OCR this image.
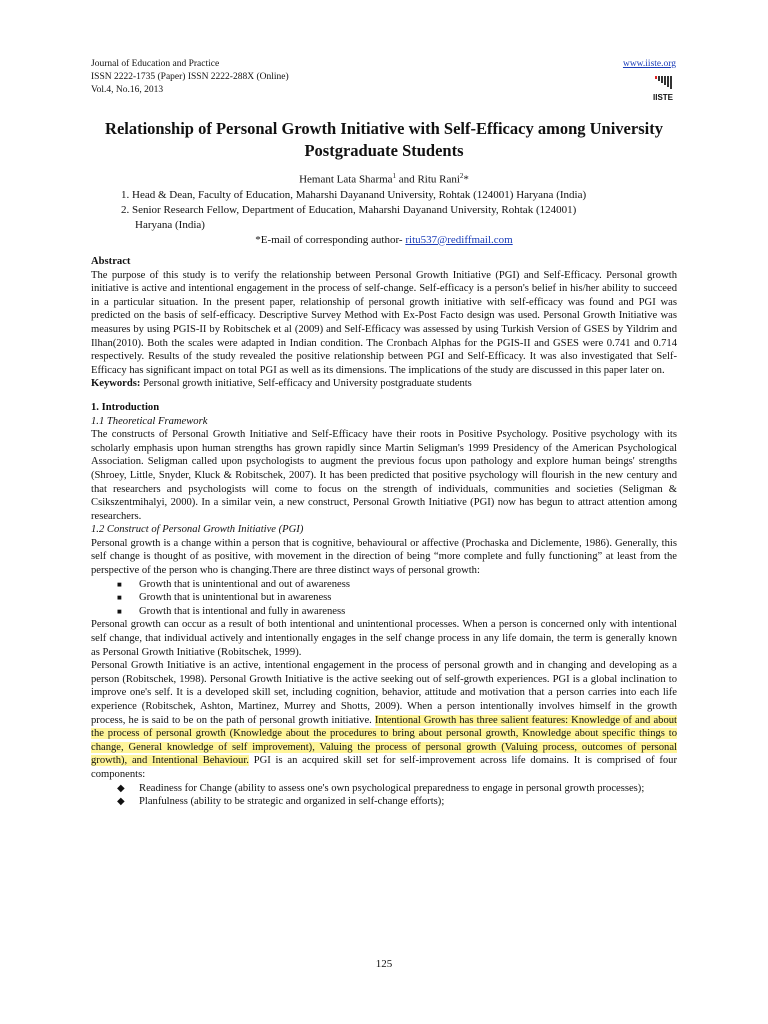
Journal of Education and Practice
ISSN 2222-1735 (Paper) ISSN 2222-288X (Online)
Vol.4, No.16, 2013
www.iiste.org
IISTE
Relationship of Personal Growth Initiative with Self-Efficacy among University Postgraduate Students
Hemant Lata Sharma$^1$ and Ritu Rani$^2$*
1. Head & Dean, Faculty of Education, Maharshi Dayanand University, Rohtak (124001) Haryana (India)
2. Senior Research Fellow, Department of Education, Maharshi Dayanand University, Rohtak (124001)
Haryana (India)
*E-mail of corresponding author- ritu537@rediffmail.com

Abstract

The purpose of this study is to verify the relationship between Personal Growth Initiative (PGI) and Self-Efficacy. Personal growth initiative is active and intentional engagement in the process of self-change. Self-efficacy is a person's belief in his/her ability to succeed in a particular situation. In the present paper, relationship of personal growth initiative with self-efficacy was found and PGI was predicted on the basis of self-efficacy. Descriptive Survey Method with Ex-Post Facto design was used. Personal Growth Initiative was measures by using PGIS-II by Robitschek et al (2009) and Self-Efficacy was assessed by using Turkish Version of GSES by Yildrim and Ilhan(2010). Both the scales were adapted in Indian condition. The Cronbach Alphas for the PGIS-II and GSES were 0.741 and 0.714 respectively. Results of the study revealed the positive relationship between PGI and Self-Efficacy. It was also investigated that Self-Efficacy has significant impact on total PGI as well as its dimensions. The implications of the study are discussed in this paper later on.

Keywords: Personal growth initiative, Self-efficacy and University postgraduate students

1. Introduction

1.1 Theoretical Framework

The constructs of Personal Growth Initiative and Self-Efficacy have their roots in Positive Psychology. Positive psychology with its scholarly emphasis upon human strengths has grown rapidly since Martin Seligman's 1999 Presidency of the American Psychological Association. Seligman called upon psychologists to augment the previous focus upon pathology and explore human beings' strengths (Shroey, Little, Snyder, Kluck & Robitschek, 2007). It has been predicted that positive psychology will flourish in the new century and that researchers and psychologists will come to focus on the strength of individuals, communities and societies (Seligman & Csikszentmihalyi, 2000). In a similar vein, a new construct, Personal Growth Initiative (PGI) now has begun to attract attention among researchers.

1.2 Construct of Personal Growth Initiative (PGI)

Personal growth is a change within a person that is cognitive, behavioural or affective (Prochaska and Diclemente, 1986). Generally, this self change is thought of as positive, with movement in the direction of being “more complete and fully functioning” at least from the perspective of the person who is changing.There are three distinct ways of personal growth:

■ Growth that is unintentional and out of awareness
■ Growth that is unintentional but in awareness
■ Growth that is intentional and fully in awareness

Personal growth can occur as a result of both intentional and unintentional processes. When a person is concerned only with intentional self change, that individual actively and intentionally engages in the self change process in any life domain, the term is generally known as Personal Growth Initiative (Robitschek, 1999).

Personal Growth Initiative is an active, intentional engagement in the process of personal growth and in changing and developing as a person (Robitschek, 1998). Personal Growth Initiative is the active seeking out of self-growth experiences. PGI is a global inclination to improve one's self. It is a developed skill set, including cognition, behavior, attitude and motivation that a person carries into each life experience (Robitschek, Ashton, Martinez, Murrey and Shotts, 2009). When a person intentionally involves himself in the growth process, he is said to be on the path of personal growth initiative. Intentional Growth has three salient features: Knowledge of and about the process of personal growth (Knowledge about the procedures to bring about personal growth, Knowledge about specific things to change, General knowledge of self improvement), Valuing the process of personal growth (Valuing process, outcomes of personal growth), and Intentional Behaviour. PGI is an acquired skill set for self-improvement across life domains. It is comprised of four components:

◆ Readiness for Change (ability to assess one's own psychological preparedness to engage in personal growth processes);
◆ Planfulness (ability to be strategic and organized in self-change efforts);
125
